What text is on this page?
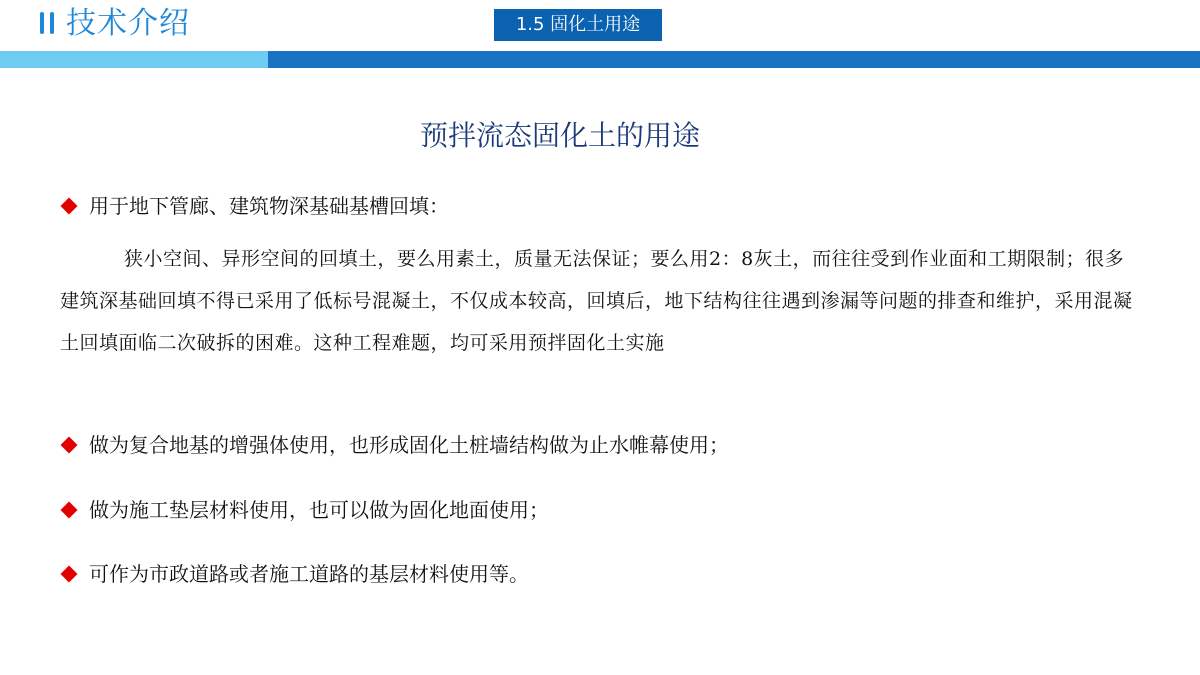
技术介绍	1.5 固化土用途
预拌流态固化土的用途
用于地下管廊、建筑物深基础基槽回填：

狭小空间、异形空间的回填土，要么用素土，质量无法保证；要么用2：8灰土，而往往受到作业面和工期限制；很多建筑深基础回填不得已采用了低标号混凝土，不仅成本较高，回填后，地下结构往往遇到渗漏等问题的排查和维护，采用混凝土回填面临二次破拆的困难。这种工程难题，均可采用预拌固化土实施

做为复合地基的增强体使用，也形成固化土桩墙结构做为止水帷幕使用；
做为施工垫层材料使用，也可以做为固化地面使用；
可作为市政道路或者施工道路的基层材料使用等。
